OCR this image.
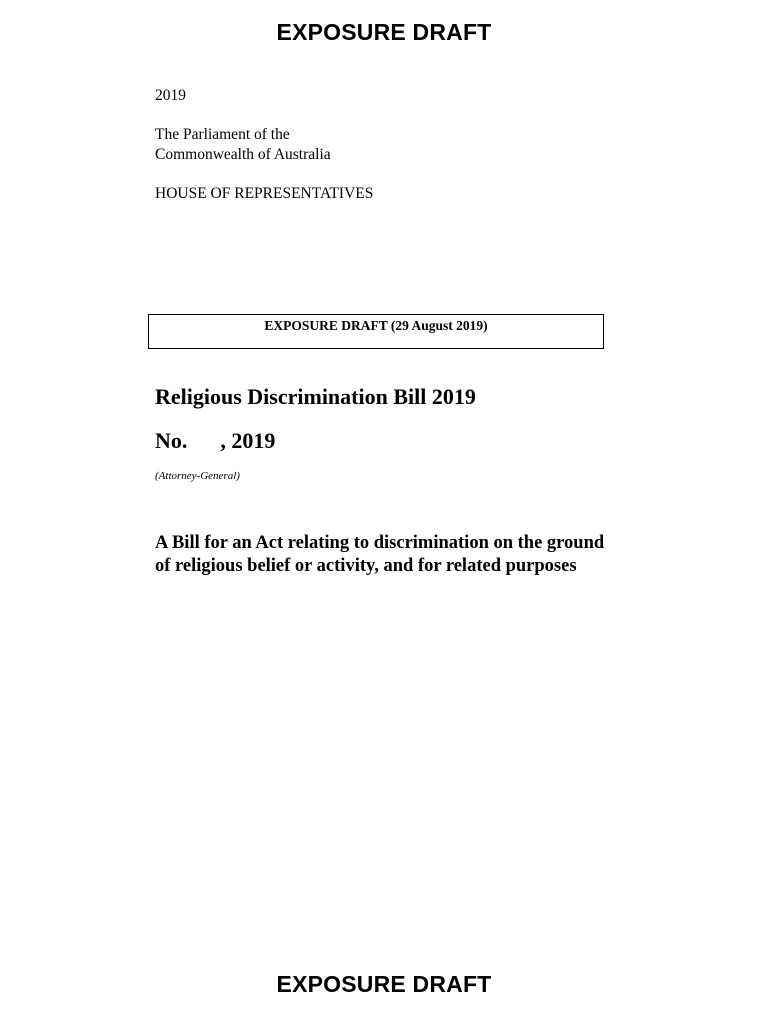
EXPOSURE DRAFT
2019
The Parliament of the
Commonwealth of Australia
HOUSE OF REPRESENTATIVES
EXPOSURE DRAFT (29 August 2019)
Religious Discrimination Bill 2019
No.      , 2019
(Attorney-General)
A Bill for an Act relating to discrimination on the ground of religious belief or activity, and for related purposes
EXPOSURE DRAFT
